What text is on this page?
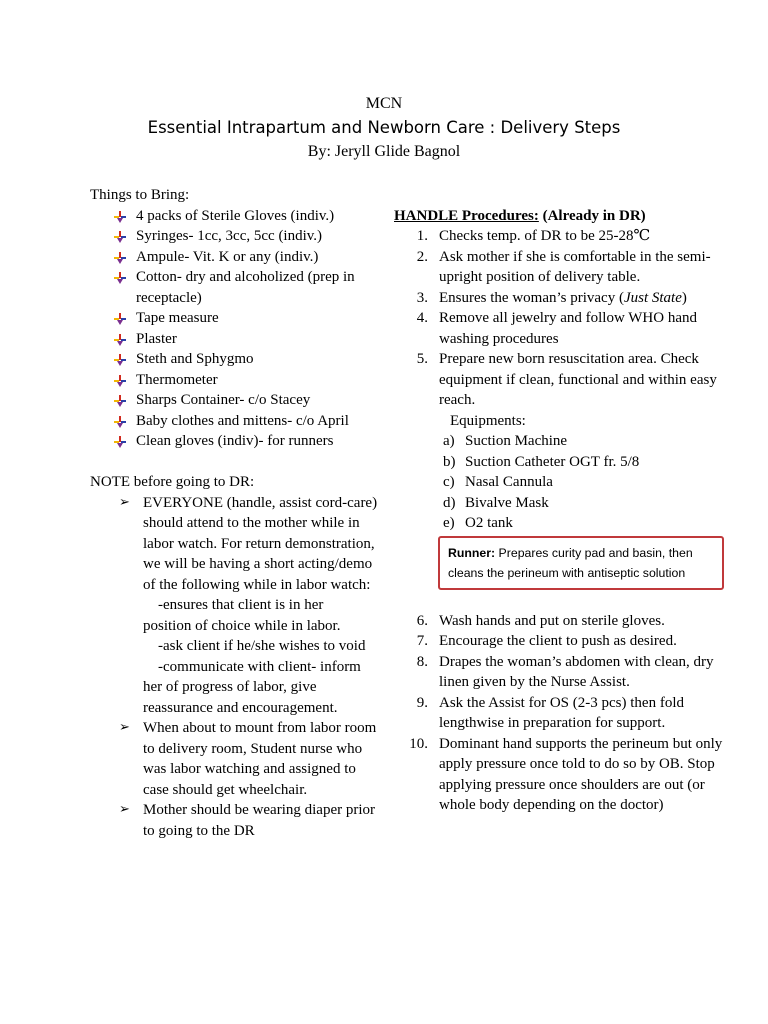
MCN
Essential Intrapartum and Newborn Care : Delivery Steps
By: Jeryll Glide Bagnol
Things to Bring:
4 packs of Sterile Gloves (indiv.)
Syringes- 1cc, 3cc, 5cc (indiv.)
Ampule- Vit. K or any (indiv.)
Cotton- dry and alcoholized (prep in receptacle)
Tape measure
Plaster
Steth and Sphygmo
Thermometer
Sharps Container- c/o Stacey
Baby clothes and mittens- c/o April
Clean gloves (indiv)- for runners
NOTE before going to DR:
➢ EVERYONE (handle, assist cord-care) should attend to the mother while in labor watch. For return demonstration, we will be having a short acting/demo of the following while in labor watch:
-ensures that client is in her
position of choice while in labor.
-ask client if he/she wishes to void
-communicate with client- inform
her of progress of labor, give reassurance and encouragement.
➢ When about to mount from labor room to delivery room, Student nurse who was labor watching and assigned to case should get wheelchair.
➢ Mother should be wearing diaper prior to going to the DR
HANDLE Procedures: (Already in DR)
1. Checks temp. of DR to be 25-28℃
2. Ask mother if she is comfortable in the semi-upright position of delivery table.
3. Ensures the woman’s privacy (Just State)
4. Remove all jewelry and follow WHO hand washing procedures
5. Prepare new born resuscitation area. Check equipment if clean, functional and within easy reach.
Equipments:
a) Suction Machine
b) Suction Catheter OGT fr. 5/8
c) Nasal Cannula
d) Bivalve Mask
e) O2 tank
Runner: Prepares curity pad and basin, then cleans the perineum with antiseptic solution
6. Wash hands and put on sterile gloves.
7. Encourage the client to push as desired.
8. Drapes the woman’s abdomen with clean, dry linen given by the Nurse Assist.
9. Ask the Assist for OS (2-3 pcs) then fold lengthwise in preparation for support.
10. Dominant hand supports the perineum but only apply pressure once told to do so by OB. Stop applying pressure once shoulders are out (or whole body depending on the doctor)
